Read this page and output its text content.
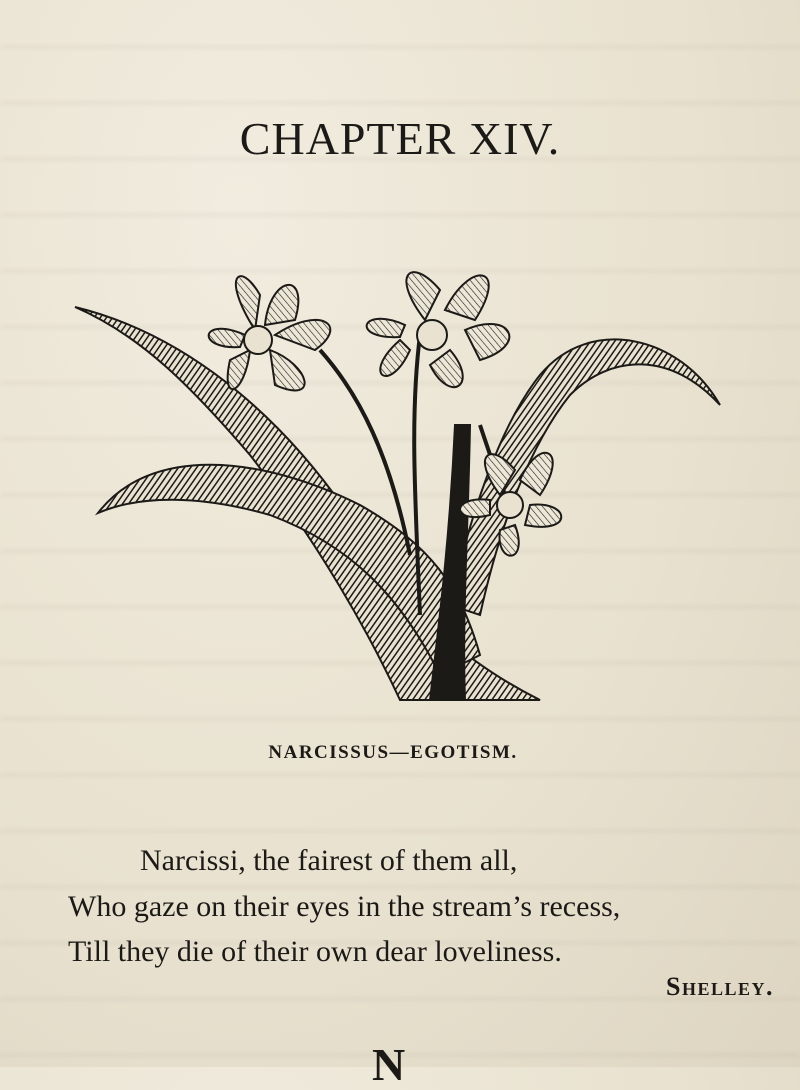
CHAPTER XIV.
NARCISSUS—EGOTISM.
Narcissi, the fairest of them all,
Who gaze on their eyes in the stream’s recess,
Till they die of their own dear loveliness.
Shelley.
N
